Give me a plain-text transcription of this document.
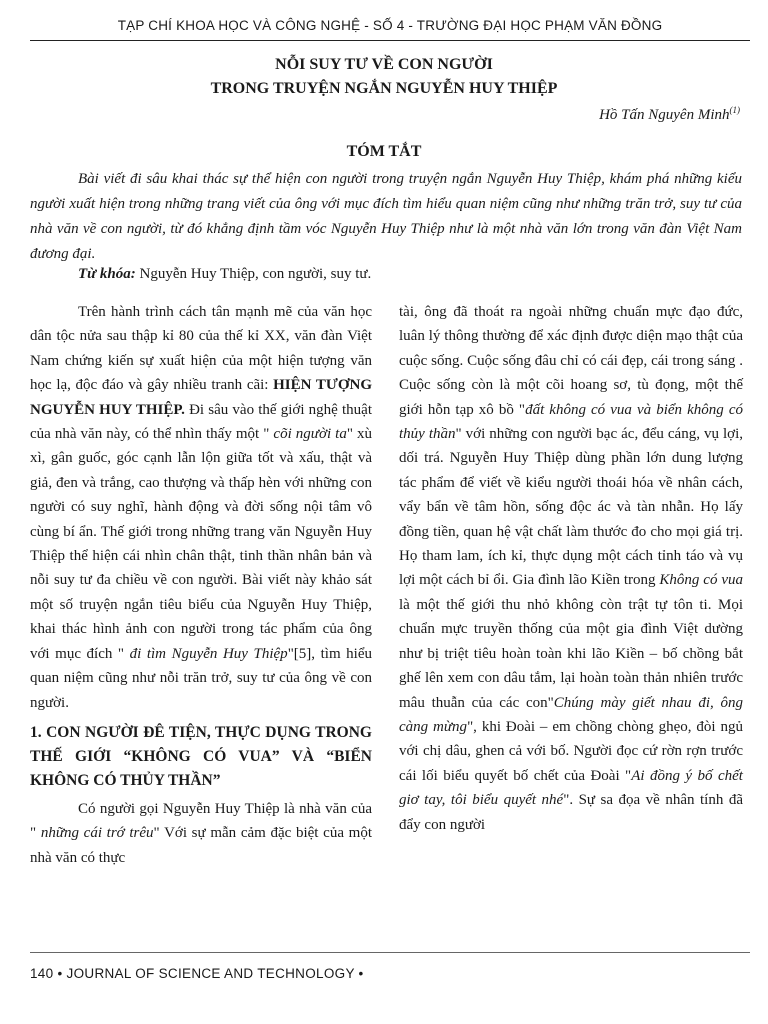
TẠP CHÍ KHOA HỌC VÀ CÔNG NGHỆ - SỐ 4 - TRƯỜNG ĐẠI HỌC PHẠM VĂN ĐỒNG
NỖI SUY TƯ VỀ CON NGƯỜI
TRONG TRUYỆN NGẮN NGUYỄN HUY THIỆP
Hồ Tấn Nguyên Minh$^{(1)}$
TÓM TẮT

Bài viết đi sâu khai thác sự thể hiện con người trong truyện ngắn Nguyễn Huy Thiệp, khám phá những kiểu người xuất hiện trong những trang viết của ông với mục đích tìm hiểu quan niệm cũng như những trăn trở, suy tư của nhà văn về con người, từ đó khẳng định tầm vóc Nguyễn Huy Thiệp như là một nhà văn lớn trong văn đàn Việt Nam đương đại.

Từ khóa: Nguyễn Huy Thiệp, con người, suy tư.

Trên hành trình cách tân mạnh mẽ của văn học dân tộc nửa sau thập kỉ 80 của thế kỉ XX, văn đàn Việt Nam chứng kiến sự xuất hiện của một hiện tượng văn học lạ, độc đáo và gây nhiều tranh cãi: HIỆN TƯỢNG NGUYỄN HUY THIỆP. Đi sâu vào thế giới nghệ thuật của nhà văn này, có thể nhìn thấy một " cõi người ta" xù xì, gân guốc, góc cạnh lẫn lộn giữa tốt và xấu, thật và giả, đen và trắng, cao thượng và thấp hèn với những con người có suy nghĩ, hành động và đời sống nội tâm vô cùng bí ẩn. Thế giới trong những trang văn Nguyễn Huy Thiệp thể hiện cái nhìn chân thật, tinh thần nhân bản và nỗi suy tư đa chiều về con người. Bài viết này khảo sát một số truyện ngắn tiêu biểu của Nguyễn Huy Thiệp, khai thác hình ảnh con người trong tác phẩm của ông với mục đích " đi tìm Nguyễn Huy Thiệp"[5], tìm hiểu quan niệm cũng như nỗi trăn trở, suy tư của ông về con người.

1. CON NGƯỜI ĐÊ TIỆN, THỰC DỤNG TRONG THẾ GIỚI “KHÔNG CÓ VUA” VÀ “BIỂN KHÔNG CÓ THỦY THẦN”

Có người gọi Nguyễn Huy Thiệp là nhà văn của " những cái trớ trêu" Với sự mẫn cảm đặc biệt của một nhà văn có thực

tài, ông đã thoát ra ngoài những chuẩn mực đạo đức, luân lý thông thường để xác định được diện mạo thật của cuộc sống. Cuộc sống đâu chỉ có cái đẹp, cái trong sáng . Cuộc sống còn là một cõi hoang sơ, tù đọng, một thế giới hỗn tạp xô bồ "đất không có vua và biển không có thủy thần" với những con người bạc ác, đểu cáng, vụ lợi, dối trá. Nguyễn Huy Thiệp dùng phần lớn dung lượng tác phẩm để viết về kiểu người thoái hóa về nhân cách, vẩy bẩn về tâm hồn, sống độc ác và tàn nhẫn. Họ lấy đồng tiền, quan hệ vật chất làm thước đo cho mọi giá trị. Họ tham lam, ích kỉ, thực dụng một cách tỉnh táo và vụ lợi một cách bỉ ổi. Gia đình lão Kiền trong Không có vua là một thế giới thu nhỏ không còn trật tự tôn ti. Mọi chuẩn mực truyền thống của một gia đình Việt dường như bị triệt tiêu hoàn toàn khi lão Kiền – bố chồng bắt ghế lên xem con dâu tắm, lại hoàn toàn thản nhiên trước mâu thuẫn của các con"Chúng mày giết nhau đi, ông càng mừng", khi Đoài – em chồng chòng ghẹo, đòi ngủ với chị dâu, ghen cả với bố. Người đọc cứ rờn rợn trước cái lối biểu quyết bố chết của Đoài "Ai đồng ý bố chết giơ tay, tôi biểu quyết nhé". Sự sa đọa về nhân tính đã đẩy con người

140 • JOURNAL OF SCIENCE AND TECHNOLOGY •
